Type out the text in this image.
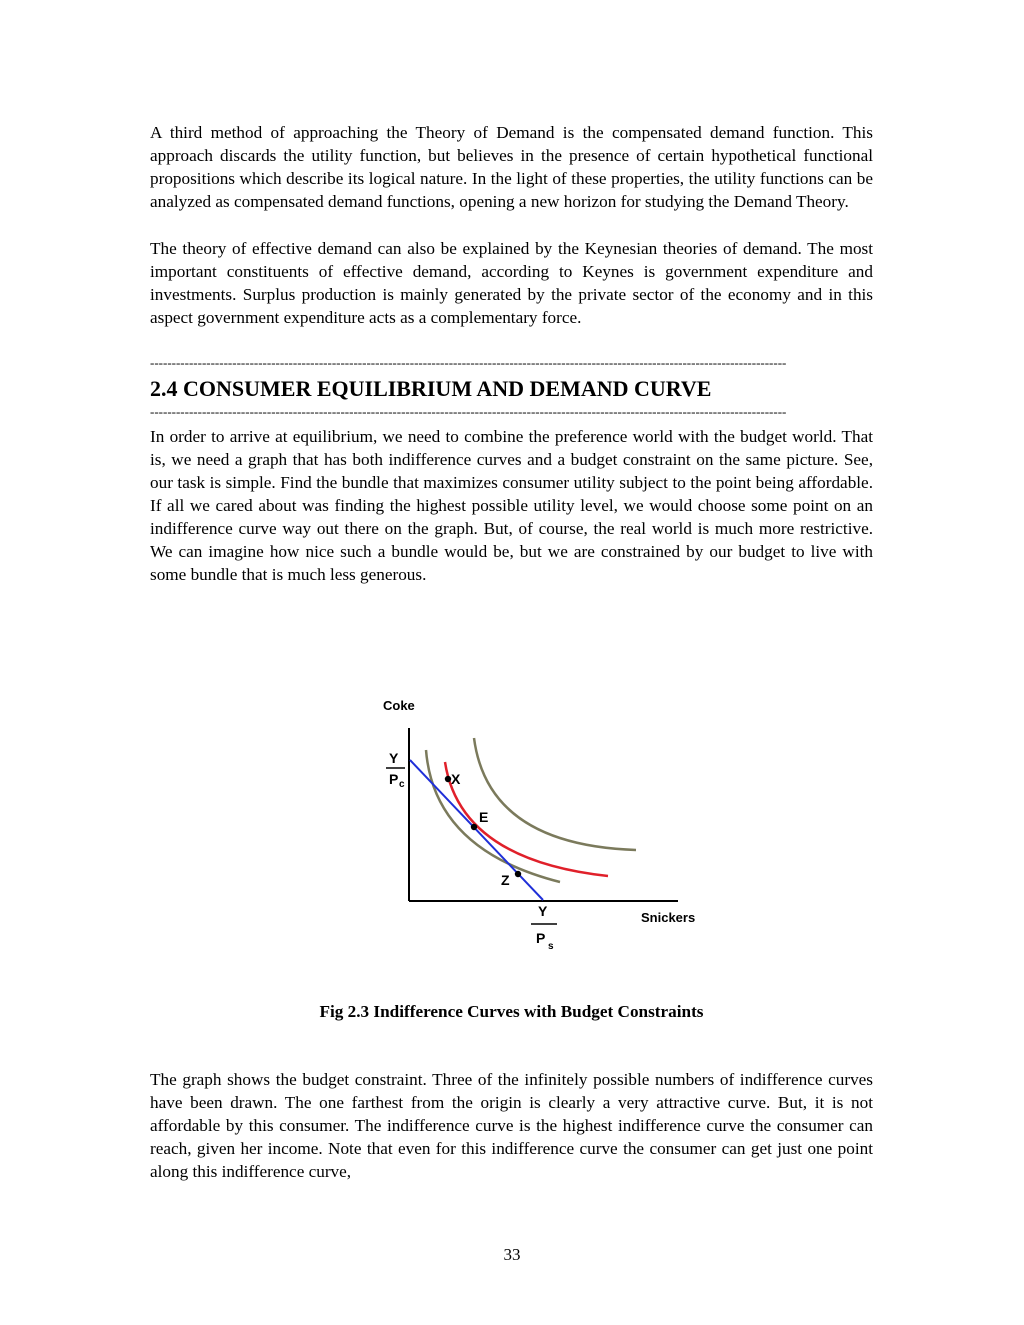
A third method of approaching the Theory of Demand is the compensated demand function. This approach discards the utility function, but believes in the presence of certain hypothetical functional propositions which describe its logical nature. In the light of these properties, the utility functions can be analyzed as compensated demand functions, opening a new horizon for studying the Demand Theory.

The theory of effective demand can also be explained by the Keynesian theories of demand. The most important constituents of effective demand, according to Keynes is government expenditure and investments. Surplus production is mainly generated by the private sector of the economy and in this aspect government expenditure acts as a complementary force.

---------------------------------------------------------------------------------------------------------------------------------------------------
2.4 CONSUMER EQUILIBRIUM AND DEMAND CURVE
---------------------------------------------------------------------------------------------------------------------------------------------------

In order to arrive at equilibrium, we need to combine the preference world with the budget world. That is, we need a graph that has both indifference curves and a budget constraint on the same picture. See, our task is simple. Find the bundle that maximizes consumer utility subject to the point being affordable. If all we cared about was finding the highest possible utility level, we would choose some point on an indifference curve way out there on the graph. But, of course, the real world is much more restrictive. We can imagine how nice such a bundle would be, but we are constrained by our budget to live with some bundle that is much less generous.

X
E
Z
Coke
Snickers
Y
P c
Y
P
s
Fig 2.3 Indifference Curves with Budget Constraints

The graph shows the budget constraint. Three of the infinitely possible numbers of indifference curves have been drawn. The one farthest from the origin is clearly a very attractive curve. But, it is not affordable by this consumer. The indifference curve is the highest indifference curve the consumer can reach, given her income. Note that even for this indifference curve the consumer can get just one point along this indifference curve,

33
